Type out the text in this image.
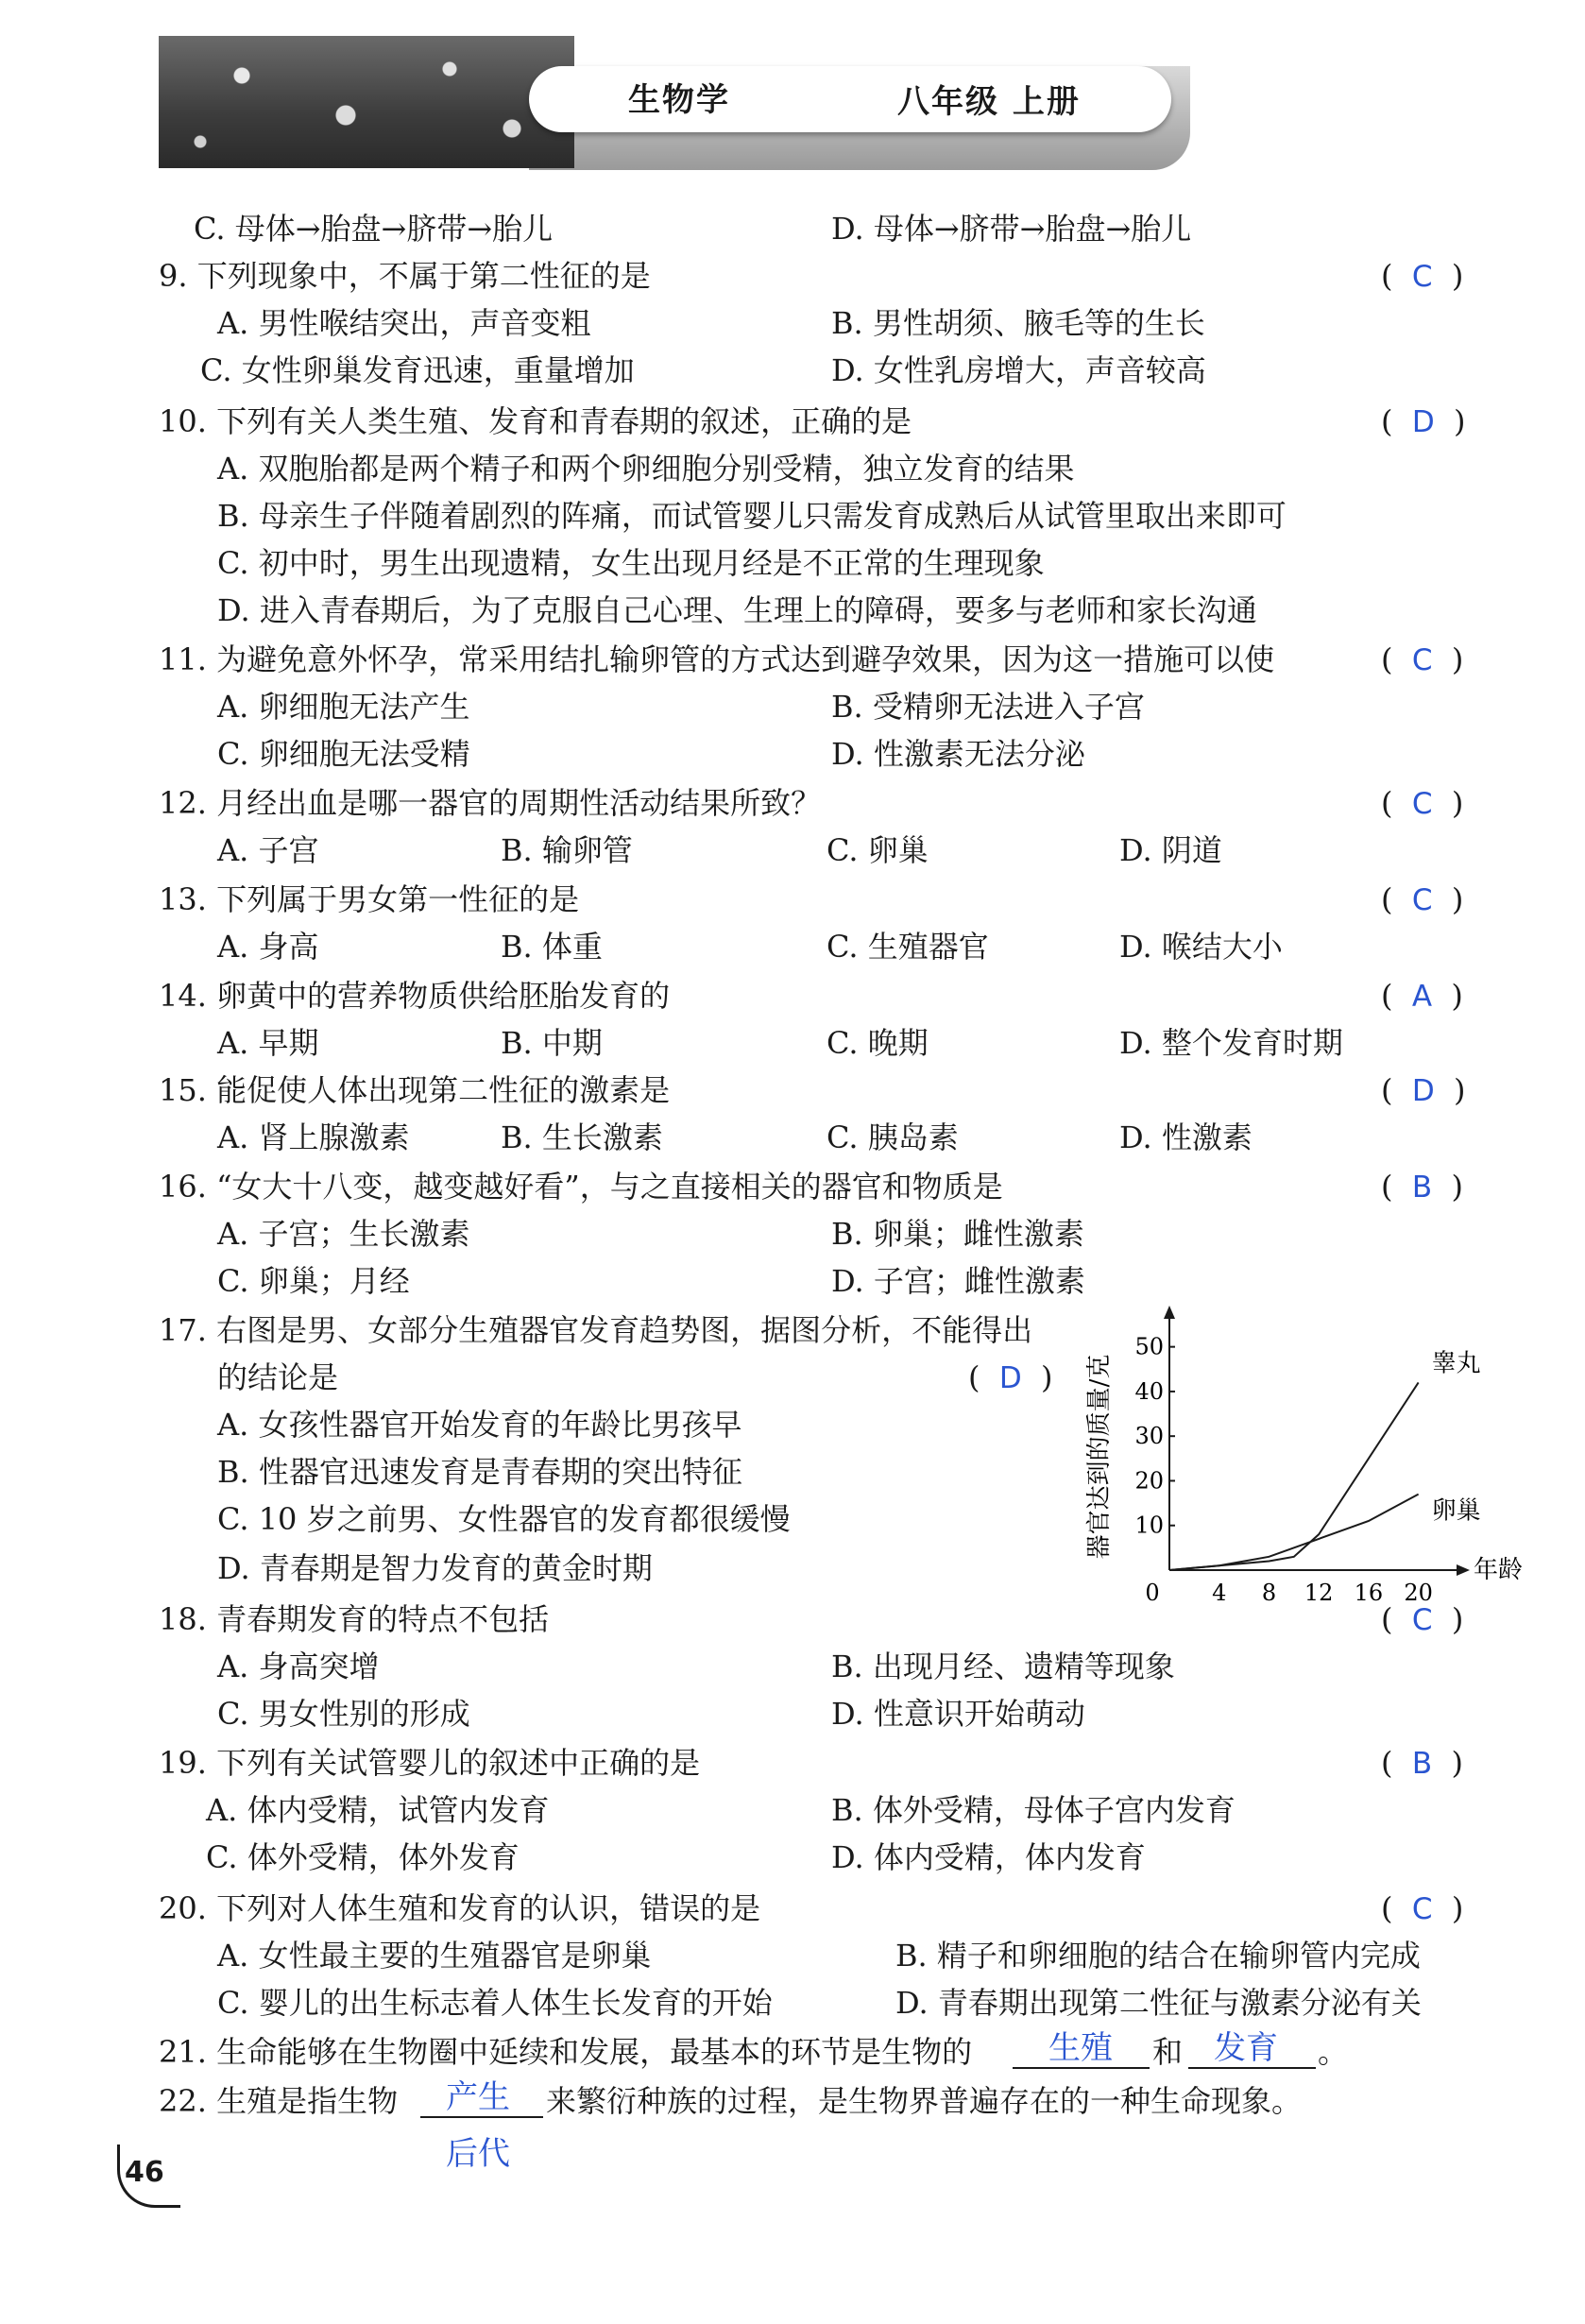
生物学	八年级 上册
C. 母体→胎盘→脐带→胎儿	D. 母体→脐带→胎盘→胎儿
9. 下列现象中，不属于第二性征的是
A. 男性喉结突出，声音变粗	B. 男性胡须、腋毛等的生长
C. 女性卵巢发育迅速，重量增加	D. 女性乳房增大，声音较高
10. 下列有关人类生殖、发育和青春期的叙述，正确的是
A. 双胞胎都是两个精子和两个卵细胞分别受精，独立发育的结果
B. 母亲生子伴随着剧烈的阵痛，而试管婴儿只需发育成熟后从试管里取出来即可
C. 初中时，男生出现遗精，女生出现月经是不正常的生理现象
D. 进入青春期后，为了克服自己心理、生理上的障碍，要多与老师和家长沟通
11. 为避免意外怀孕，常采用结扎输卵管的方式达到避孕效果，因为这一措施可以使
A. 卵细胞无法产生	B. 受精卵无法进入子宫
C. 卵细胞无法受精	D. 性激素无法分泌
12. 月经出血是哪一器官的周期性活动结果所致？
A. 子宫	B. 输卵管	C. 卵巢	D. 阴道
13. 下列属于男女第一性征的是
A. 身高	B. 体重	C. 生殖器官	D. 喉结大小
14. 卵黄中的营养物质供给胚胎发育的
A. 早期	B. 中期	C. 晚期	D. 整个发育时期
15. 能促使人体出现第二性征的激素是
A. 肾上腺激素	B. 生长激素	C. 胰岛素	D. 性激素
16. “女大十八变，越变越好看”，与之直接相关的器官和物质是
A. 子宫；生长激素	B. 卵巢；雌性激素
C. 卵巢；月经	D. 子宫；雌性激素
17. 右图是男、女部分生殖器官发育趋势图，据图分析，不能得出
的结论是
A. 女孩性器官开始发育的年龄比男孩早
B. 性器官迅速发育是青春期的突出特征
C. 10 岁之前男、女性器官的发育都很缓慢
D. 青春期是智力发育的黄金时期
18. 青春期发育的特点不包括
A. 身高突增	B. 出现月经、遗精等现象
C. 男女性别的形成	D. 性意识开始萌动
19. 下列有关试管婴儿的叙述中正确的是
A. 体内受精，试管内发育	B. 体外受精，母体子宫内发育
C. 体外受精，体外发育	D. 体内受精，体内发育
20. 下列对人体生殖和发育的认识，错误的是
A. 女性最主要的生殖器官是卵巢	B. 精子和卵细胞的结合在输卵管内完成
C. 婴儿的出生标志着人体生长发育的开始	D. 青春期出现第二性征与激素分泌有关
21. 生命能够在生物圈中延续和发展，最基本的环节是生物的	和	。
22. 生殖是指生物	来繁衍种族的过程，是生物界普遍存在的一种生命现象。
(  C  )
(  D  )
(  C  )
(  C  )
(  C  )
(  A  )
(  D  )
(  B  )
(  C  )
(  B  )
(  C  )
(  D  )
生殖	发育
产生
后代
10
20
30
40
50
0 4 8 12 16 20
器官达到的质量/克
年龄
睾丸
卵巢
46
